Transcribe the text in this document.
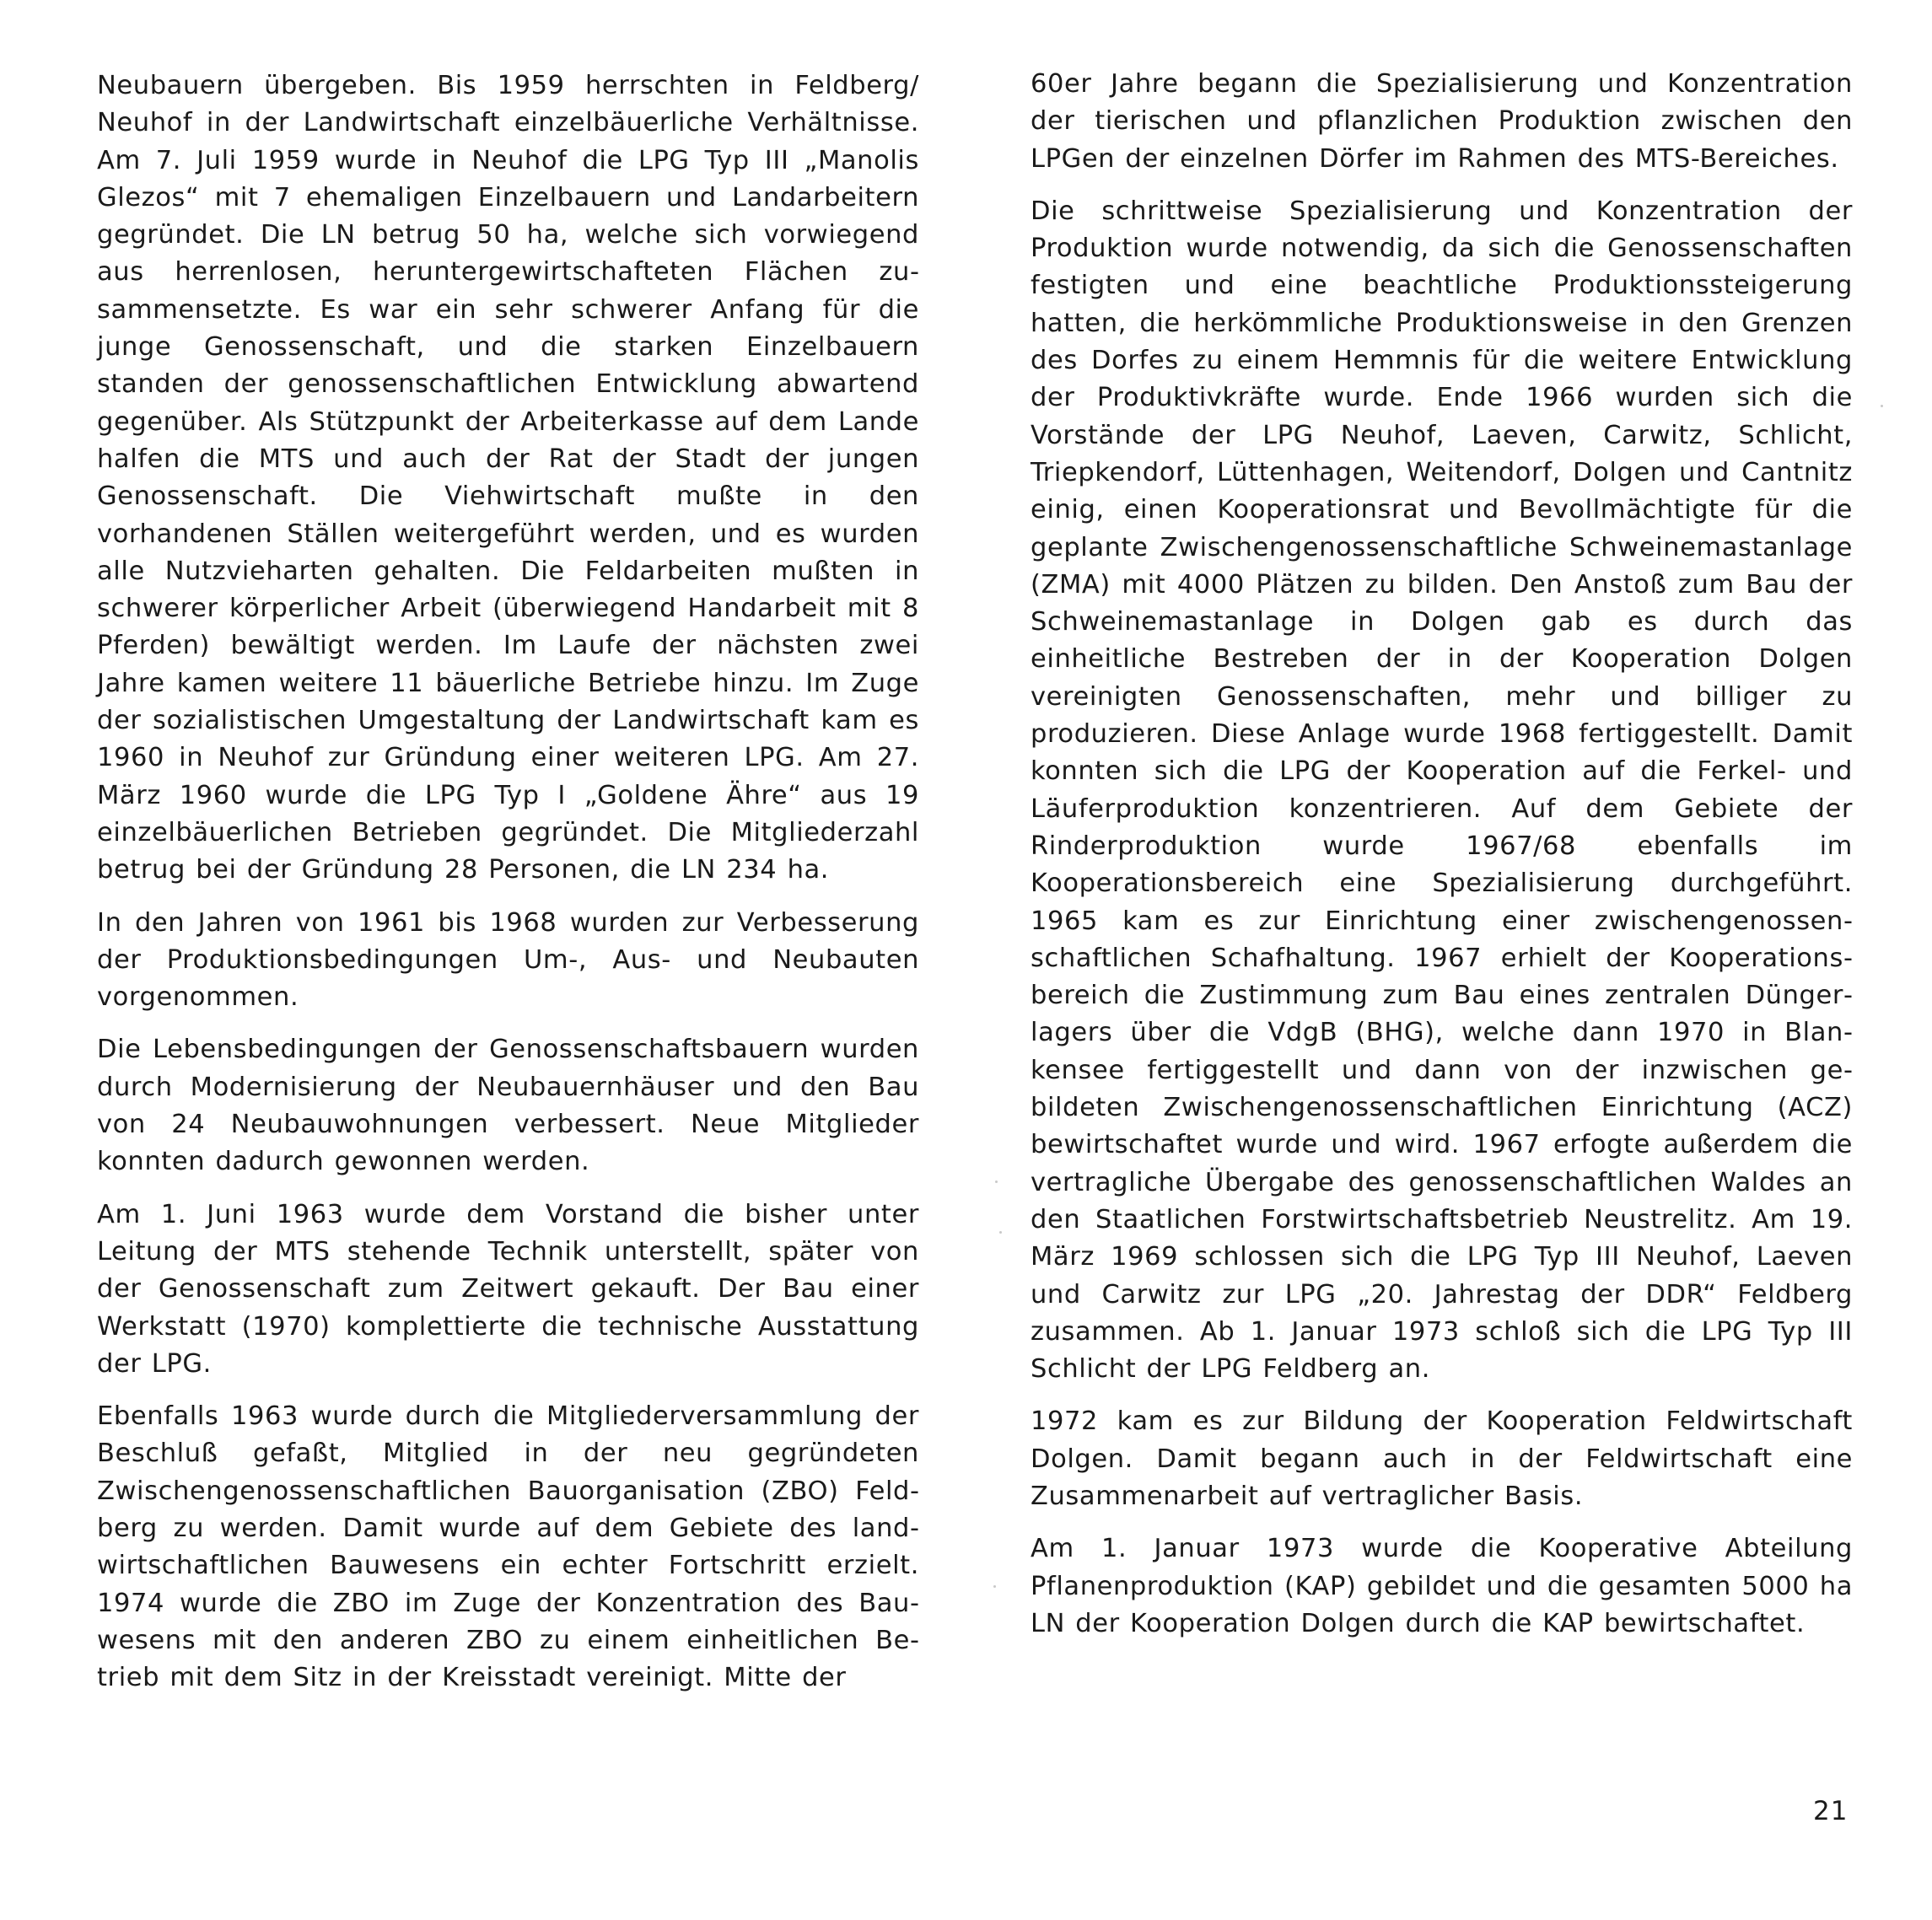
Neubauern übergeben. Bis 1959 herrschten in Feldberg/ Neuhof in der Landwirtschaft einzelbäuerliche Verhältnisse. Am 7. Juli 1959 wurde in Neuhof die LPG Typ III „Manolis Glezos“ mit 7 ehemaligen Einzelbauern und Landarbeitern gegründet. Die LN betrug 50 ha, welche sich vorwiegend aus herrenlosen, heruntergewirtschafteten Flächen zusammensetzte. Es war ein sehr schwerer Anfang für die junge Genossenschaft, und die starken Einzelbauern standen der genossenschaftlichen Entwicklung abwartend gegenüber. Als Stützpunkt der Arbeiterkasse auf dem Lande halfen die MTS und auch der Rat der Stadt der jungen Genossenschaft. Die Viehwirtschaft mußte in den vorhandenen Ställen weitergeführt werden, und es wurden alle Nutzvieharten gehalten. Die Feldarbeiten mußten in schwerer körperlicher Arbeit (überwiegend Handarbeit mit 8 Pferden) bewältigt werden. Im Laufe der nächsten zwei Jahre kamen weitere 11 bäuerliche Betriebe hinzu. Im Zuge der sozialistischen Umgestaltung der Landwirtschaft kam es 1960 in Neuhof zur Gründung einer weiteren LPG. Am 27. März 1960 wurde die LPG Typ I „Goldene Ähre“ aus 19 einzelbäuerlichen Betrieben gegründet. Die Mitgliederzahl betrug bei der Gründung 28 Personen, die LN 234 ha.

In den Jahren von 1961 bis 1968 wurden zur Verbesserung der Produktionsbedingungen Um-, Aus- und Neubauten vorgenommen.

Die Lebensbedingungen der Genossenschaftsbauern wurden durch Modernisierung der Neubauernhäuser und den Bau von 24 Neubauwohnungen verbessert. Neue Mitglieder konnten dadurch gewonnen werden.

Am 1. Juni 1963 wurde dem Vorstand die bisher unter Leitung der MTS stehende Technik unterstellt, später von der Genossenschaft zum Zeitwert gekauft. Der Bau einer Werkstatt (1970) komplettierte die technische Ausstattung der LPG.

Ebenfalls 1963 wurde durch die Mitgliederversammlung der Beschluß gefaßt, Mitglied in der neu gegründeten Zwischengenossenschaftlichen Bauorganisation (ZBO) Feldberg zu werden. Damit wurde auf dem Gebiete des landwirtschaftlichen Bauwesens ein echter Fortschritt erzielt. 1974 wurde die ZBO im Zuge der Konzentration des Bauwesens mit den anderen ZBO zu einem einheitlichen Betrieb mit dem Sitz in der Kreisstadt vereinigt. Mitte der

60er Jahre begann die Spezialisierung und Konzentration der tierischen und pflanzlichen Produktion zwischen den LPGen der einzelnen Dörfer im Rahmen des MTS-Bereiches.

Die schrittweise Spezialisierung und Konzentration der Produktion wurde notwendig, da sich die Genossenschaften festigten und eine beachtliche Produktionssteigerung hatten, die herkömmliche Produktionsweise in den Grenzen des Dorfes zu einem Hemmnis für die weitere Entwicklung der Produktivkräfte wurde. Ende 1966 wurden sich die Vorstände der LPG Neuhof, Laeven, Carwitz, Schlicht, Triepkendorf, Lüttenhagen, Weitendorf, Dolgen und Cantnitz einig, einen Kooperationsrat und Bevollmächtigte für die geplante Zwischengenossenschaftliche Schweinemastanlage (ZMA) mit 4000 Plätzen zu bilden. Den Anstoß zum Bau der Schweinemastanlage in Dolgen gab es durch das einheitliche Bestreben der in der Kooperation Dolgen vereinigten Genossenschaften, mehr und billiger zu produzieren. Diese Anlage wurde 1968 fertiggestellt. Damit konnten sich die LPG der Kooperation auf die Ferkel- und Läuferproduktion konzentrieren. Auf dem Gebiete der Rinderproduktion wurde 1967/68 ebenfalls im Kooperationsbereich eine Spezialisierung durchgeführt. 1965 kam es zur Einrichtung einer zwischengenossenschaftlichen Schafhaltung. 1967 erhielt der Kooperationsbereich die Zustimmung zum Bau eines zentralen Düngerlagers über die VdgB (BHG), welche dann 1970 in Blankensee fertiggestellt und dann von der inzwischen gebildeten Zwischengenossenschaftlichen Einrichtung (ACZ) bewirtschaftet wurde und wird. 1967 erfogte außerdem die vertragliche Übergabe des genossenschaftlichen Waldes an den Staatlichen Forstwirtschaftsbetrieb Neustrelitz. Am 19. März 1969 schlossen sich die LPG Typ III Neuhof, Laeven und Carwitz zur LPG „20. Jahrestag der DDR“ Feldberg zusammen. Ab 1. Januar 1973 schloß sich die LPG Typ III Schlicht der LPG Feldberg an.

1972 kam es zur Bildung der Kooperation Feldwirtschaft Dolgen. Damit begann auch in der Feldwirtschaft eine Zusammenarbeit auf vertraglicher Basis.

Am 1. Januar 1973 wurde die Kooperative Abteilung Pflanenproduktion (KAP) gebildet und die gesamten 5000 ha LN der Kooperation Dolgen durch die KAP bewirtschaftet.

21
